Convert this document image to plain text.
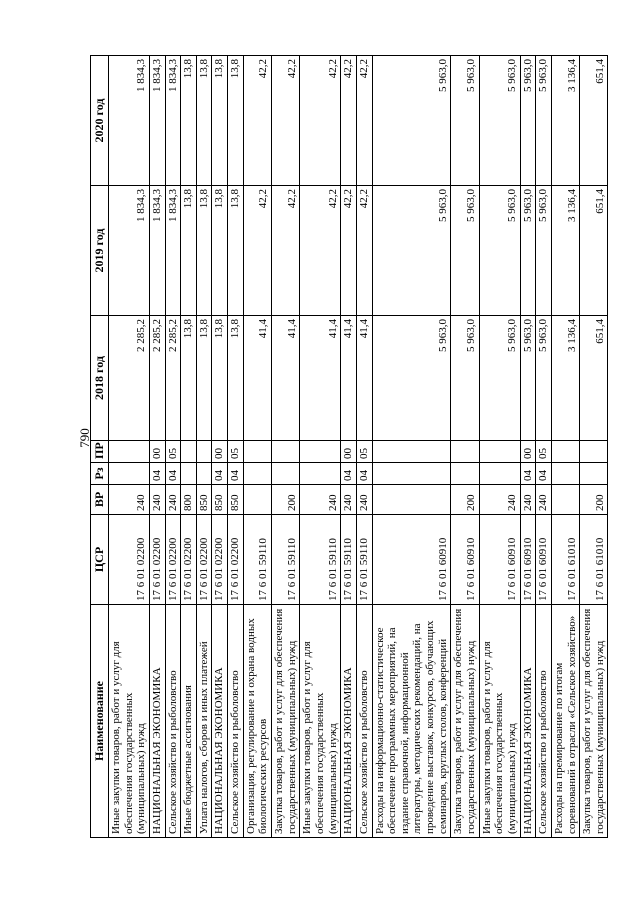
790
Наименование	ЦСР	ВР	Рз	ПР	2018 год	2019 год	2020 год
Иные закупки товаров, работ и услуг для обеспечения государственных (муниципальных) нужд	17 6 01 02200	240			2 285,2	1 834,3	1 834,3
НАЦИОНАЛЬНАЯ ЭКОНОМИКА	17 6 01 02200	240	04	00	2 285,2	1 834,3	1 834,3
Сельское хозяйство и рыболовство	17 6 01 02200	240	04	05	2 285,2	1 834,3	1 834,3
Иные бюджетные ассигнования	17 6 01 02200	800			13,8	13,8	13,8
Уплата налогов, сборов и иных платежей	17 6 01 02200	850			13,8	13,8	13,8
НАЦИОНАЛЬНАЯ ЭКОНОМИКА	17 6 01 02200	850	04	00	13,8	13,8	13,8
Сельское хозяйство и рыболовство	17 6 01 02200	850	04	05	13,8	13,8	13,8
Организация, регулирование и охрана водных биологических ресурсов	17 6 01 59110				41,4	42,2	42,2
Закупка товаров, работ и услуг для обеспечения государственных (муниципальных) нужд	17 6 01 59110	200			41,4	42,2	42,2
Иные закупки товаров, работ и услуг для обеспечения государственных (муниципальных) нужд	17 6 01 59110	240			41,4	42,2	42,2
НАЦИОНАЛЬНАЯ ЭКОНОМИКА	17 6 01 59110	240	04	00	41,4	42,2	42,2
Сельское хозяйство и рыболовство	17 6 01 59110	240	04	05	41,4	42,2	42,2
Расходы на информационно-статистическое обеспечение программных мероприятий, на издание справочной, информационной литературы, методических рекомендаций, на проведение выставок, конкурсов, обучающих семинаров, круглых столов, конференций	17 6 01 60910				5 963,0	5 963,0	5 963,0
Закупка товаров, работ и услуг для обеспечения государственных (муниципальных) нужд	17 6 01 60910	200			5 963,0	5 963,0	5 963,0
Иные закупки товаров, работ и услуг для обеспечения государственных (муниципальных) нужд	17 6 01 60910	240			5 963,0	5 963,0	5 963,0
НАЦИОНАЛЬНАЯ ЭКОНОМИКА	17 6 01 60910	240	04	00	5 963,0	5 963,0	5 963,0
Сельское хозяйство и рыболовство	17 6 01 60910	240	04	05	5 963,0	5 963,0	5 963,0
Расходы на премирование по итогам соревнований в отрасли «Сельское хозяйство»	17 6 01 61010				3 136,4	3 136,4	3 136,4
Закупка товаров, работ и услуг для обеспечения государственных (муниципальных) нужд	17 6 01 61010	200			651,4	651,4	651,4
